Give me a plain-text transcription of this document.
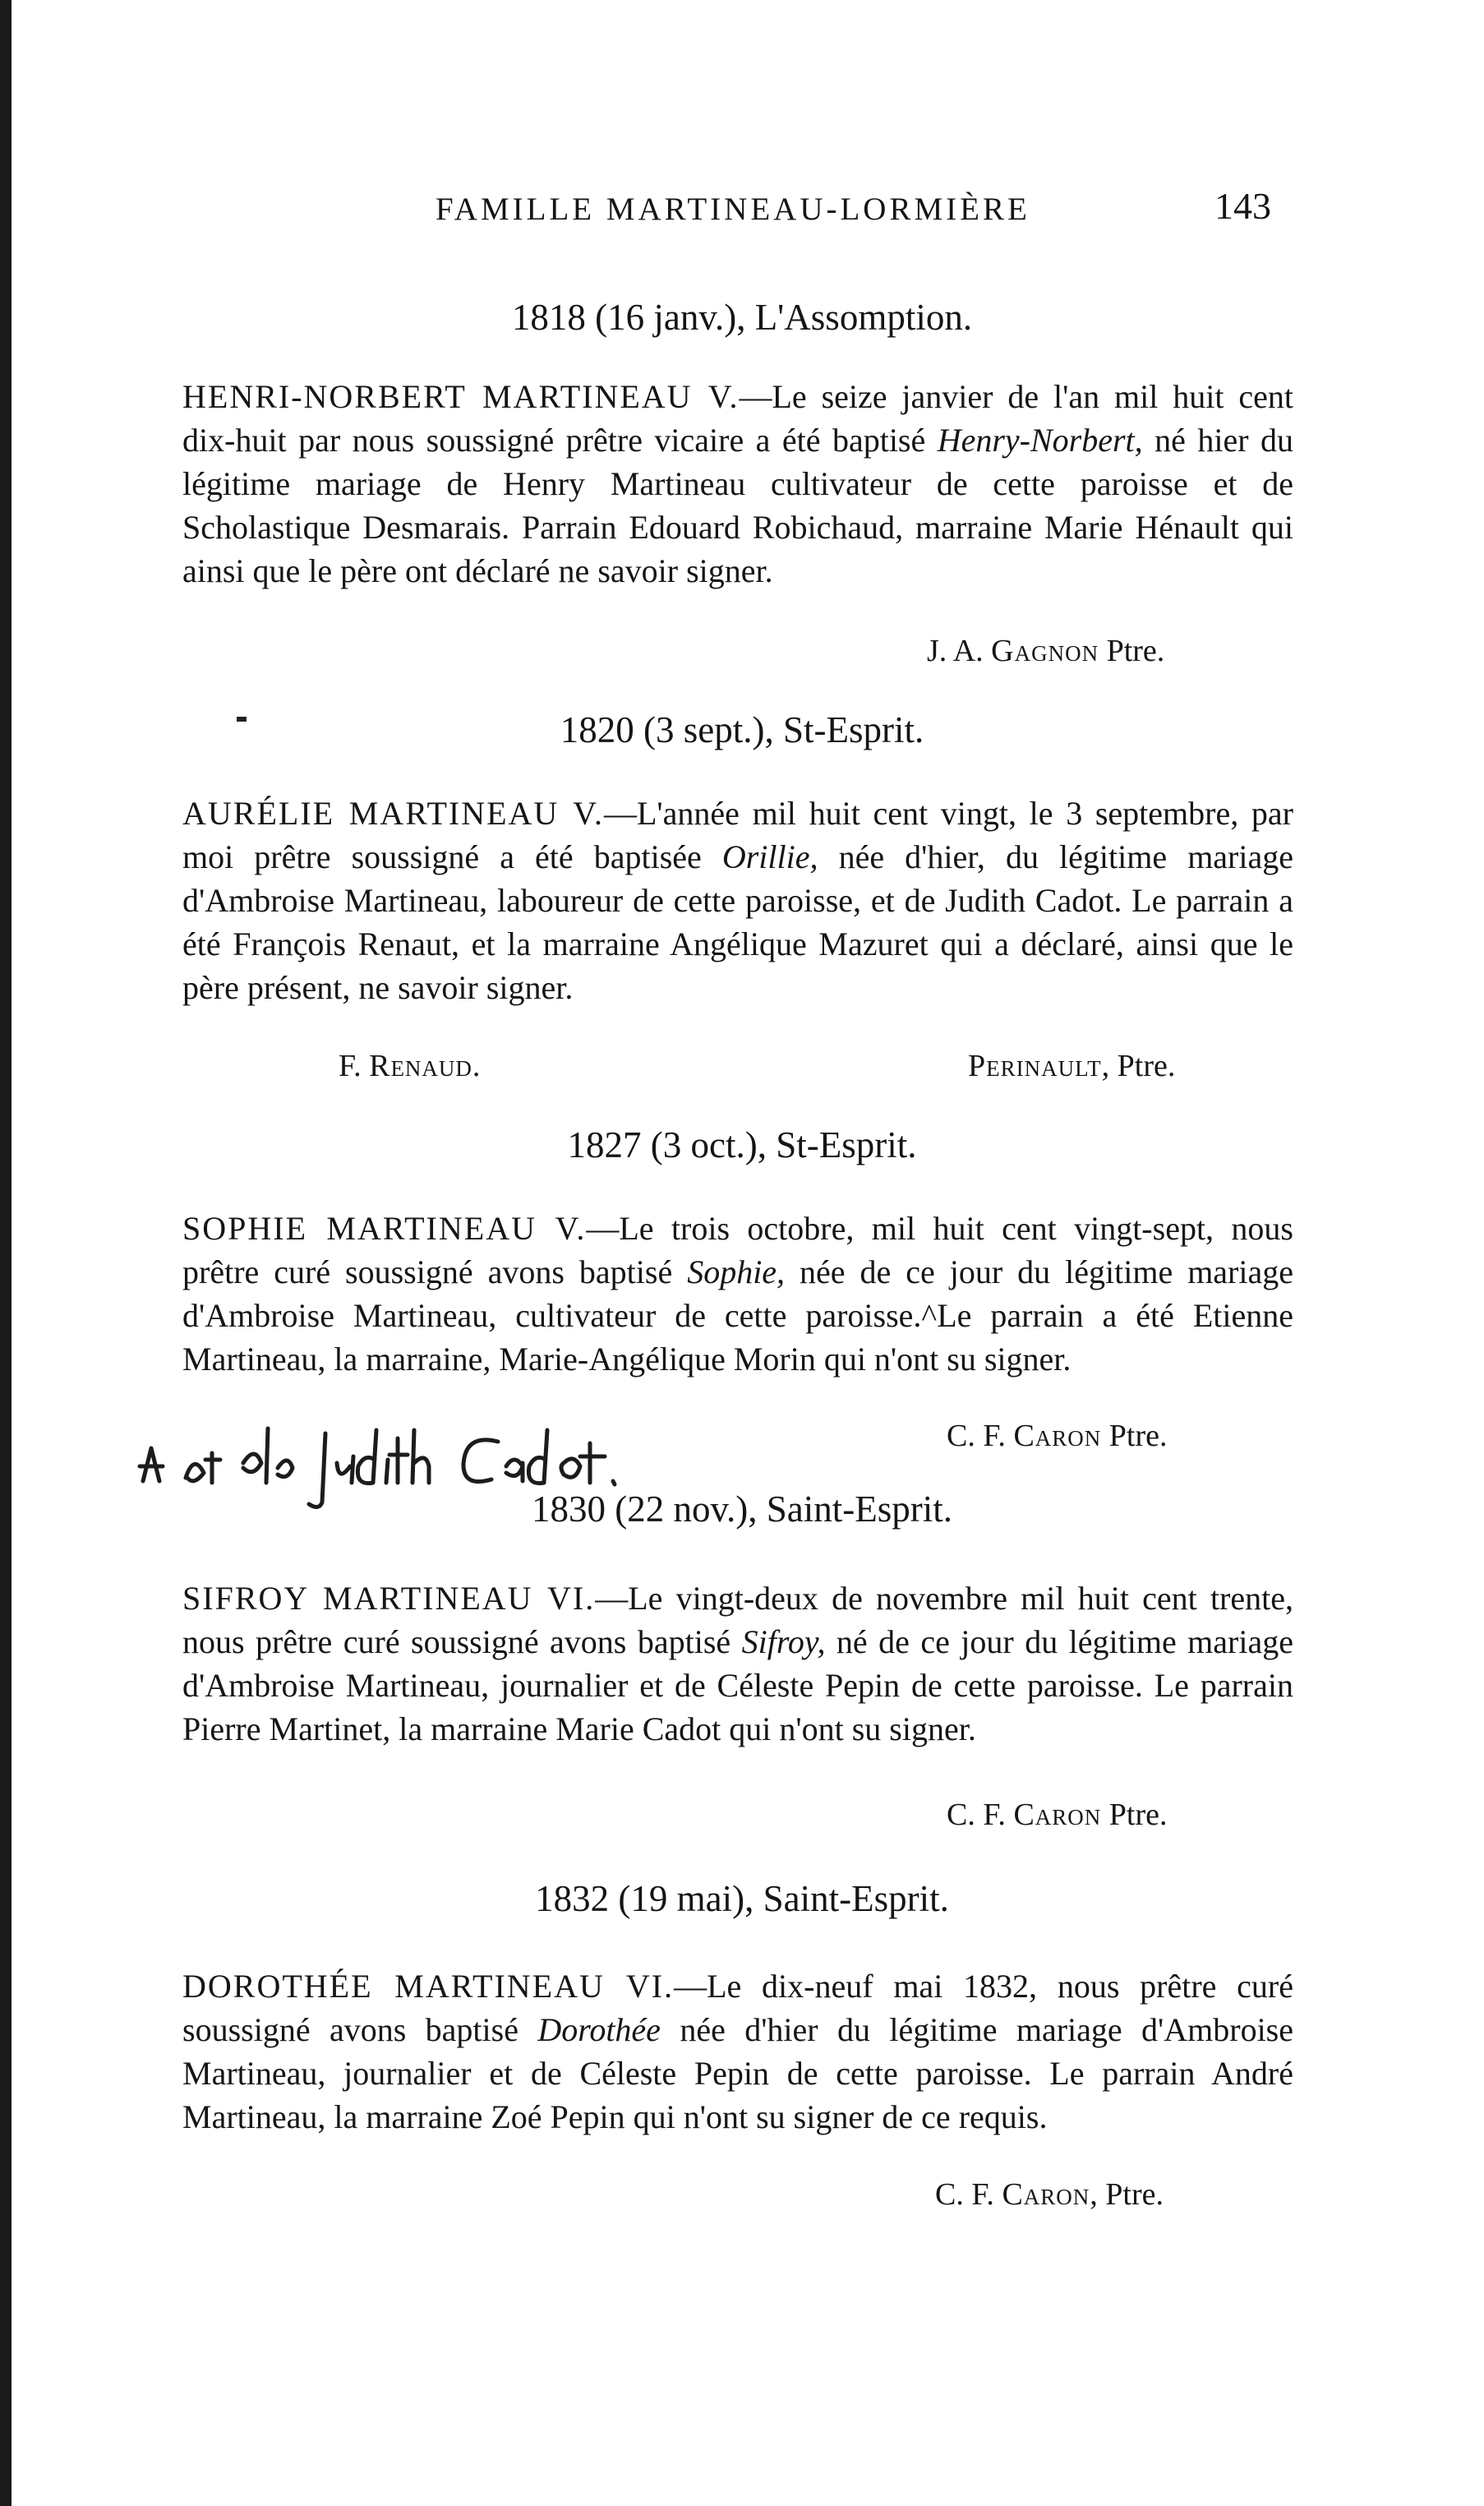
FAMILLE MARTINEAU-LORMIÈRE	143
1818 (16 janv.), L'Assomption.

HENRI-NORBERT MARTINEAU V.—Le seize janvier de l'an mil huit cent dix-huit par nous soussigné prêtre vicaire a été baptisé Henry-Norbert, né hier du légitime mariage de Henry Martineau cultivateur de cette paroisse et de Scholastique Desmarais. Parrain Edouard Robichaud, marraine Marie Hénault qui ainsi que le père ont déclaré ne savoir signer.

J. A. Gagnon Ptre.
1820 (3 sept.), St-Esprit.

AURÉLIE MARTINEAU V.—L'année mil huit cent vingt, le 3 septembre, par moi prêtre soussigné a été baptisée Orillie, née d'hier, du légitime mariage d'Ambroise Martineau, laboureur de cette paroisse, et de Judith Cadot. Le parrain a été François Renaut, et la marraine Angélique Mazuret qui a déclaré, ainsi que le père présent, ne savoir signer.

F. Renaud.	Perinault, Ptre.
1827 (3 oct.), St-Esprit.

SOPHIE MARTINEAU V.—Le trois octobre, mil huit cent vingt-sept, nous prêtre curé soussigné avons baptisé Sophie, née de ce jour du légitime mariage d'Ambroise Martineau, cultivateur de cette paroisse.^Le parrain a été Etienne Martineau, la marraine, Marie-Angélique Morin qui n'ont su signer.

C. F. Caron Ptre.
1830 (22 nov.), Saint-Esprit.

SIFROY MARTINEAU VI.—Le vingt-deux de novembre mil huit cent trente, nous prêtre curé soussigné avons baptisé Sifroy, né de ce jour du légitime mariage d'Ambroise Martineau, journalier et de Céleste Pepin de cette paroisse. Le parrain Pierre Martinet, la marraine Marie Cadot qui n'ont su signer.

C. F. Caron Ptre.
1832 (19 mai), Saint-Esprit.

DOROTHÉE MARTINEAU VI.—Le dix-neuf mai 1832, nous prêtre curé soussigné avons baptisé Dorothée née d'hier du légitime mariage d'Ambroise Martineau, journalier et de Céleste Pepin de cette paroisse. Le parrain André Martineau, la marraine Zoé Pepin qui n'ont su signer de ce requis.

C. F. Caron, Ptre.
